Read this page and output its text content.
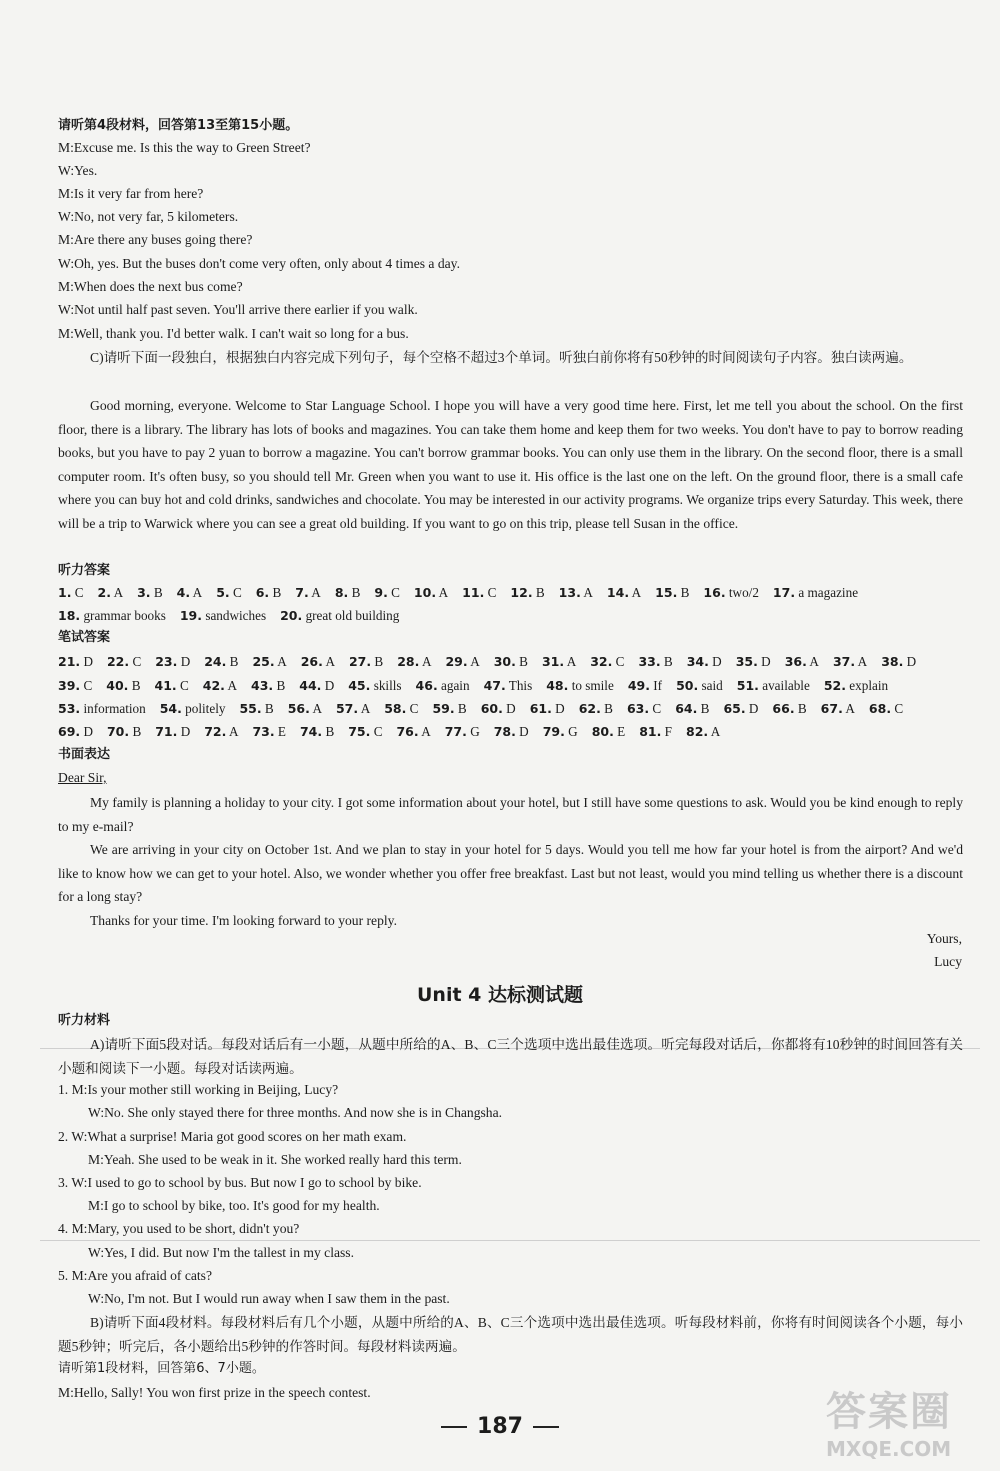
请听第4段材料，回答第13至第15小题。
M:Excuse me. Is this the way to Green Street?
W:Yes.
M:Is it very far from here?
W:No, not very far, 5 kilometers.
M:Are there any buses going there?
W:Oh, yes. But the buses don't come very often, only about 4 times a day.
M:When does the next bus come?
W:Not until half past seven. You'll arrive there earlier if you walk.
M:Well, thank you. I'd better walk. I can't wait so long for a bus.

C)请听下面一段独白，根据独白内容完成下列句子，每个空格不超过3个单词。听独白前你将有50秒钟的时间阅读句子内容。独白读两遍。

Good morning, everyone. Welcome to Star Language School. I hope you will have a very good time here. First, let me tell you about the school. On the first floor, there is a library. The library has lots of books and magazines. You can take them home and keep them for two weeks. You don't have to pay to borrow reading books, but you have to pay 2 yuan to borrow a magazine. You can't borrow grammar books. You can only use them in the library. On the second floor, there is a small computer room. It's often busy, so you should tell Mr. Green when you want to use it. His office is the last one on the left. On the ground floor, there is a small cafe where you can buy hot and cold drinks, sandwiches and chocolate. You may be interested in our activity programs. We organize trips every Saturday. This week, there will be a trip to Warwick where you can see a great old building. If you want to go on this trip, please tell Susan in the office.

听力答案
1. C 2. A 3. B 4. A 5. C 6. B 7. A 8. B 9. C 10. A 11. C 12. B 13. A 14. A 15. B 16. two/2 17. a magazine
18. grammar books 19. sandwiches 20. great old building
笔试答案
21. D 22. C 23. D 24. B 25. A 26. A 27. B 28. A 29. A 30. B 31. A 32. C 33. B 34. D 35. D 36. A 37. A 38. D
39. C 40. B 41. C 42. A 43. B 44. D 45. skills 46. again 47. This 48. to smile 49. If 50. said 51. available 52. explain
53. information 54. politely 55. B 56. A 57. A 58. C 59. B 60. D 61. D 62. B 63. C 64. B 65. D 66. B 67. A 68. C
69. D 70. B 71. D 72. A 73. E 74. B 75. C 76. A 77. G 78. D 79. G 80. E 81. F 82. A
书面表达
Dear Sir,

My family is planning a holiday to your city. I got some information about your hotel, but I still have some questions to ask. Would you be kind enough to reply to my e-mail?

We are arriving in your city on October 1st. And we plan to stay in your hotel for 5 days. Would you tell me how far your hotel is from the airport? And we'd like to know how we can get to your hotel. Also, we wonder whether you offer free breakfast. Last but not least, would you mind telling us whether there is a discount for a long stay?

Thanks for your time. I'm looking forward to your reply.

Yours,
Lucy
Unit 4 达标测试题
听力材料

A)请听下面5段对话。每段对话后有一小题，从题中所给的A、B、C三个选项中选出最佳选项。听完每段对话后，你都将有10秒钟的时间回答有关小题和阅读下一小题。每段对话读两遍。

1. M:Is your mother still working in Beijing, Lucy?
W:No. She only stayed there for three months. And now she is in Changsha.
2. W:What a surprise! Maria got good scores on her math exam.
M:Yeah. She used to be weak in it. She worked really hard this term.
3. W:I used to go to school by bus. But now I go to school by bike.
M:I go to school by bike, too. It's good for my health.
4. M:Mary, you used to be short, didn't you?
W:Yes, I did. But now I'm the tallest in my class.
5. M:Are you afraid of cats?
W:No, I'm not. But I would run away when I saw them in the past.

B)请听下面4段材料。每段材料后有几个小题，从题中所给的A、B、C三个选项中选出最佳选项。听每段材料前，你将有时间阅读各个小题，每小题5秒钟；听完后，各小题给出5秒钟的作答时间。每段材料读两遍。

请听第1段材料，回答第6、7小题。
M:Hello, Sally! You won first prize in the speech contest.
187	答案圈
MXQE.COM
